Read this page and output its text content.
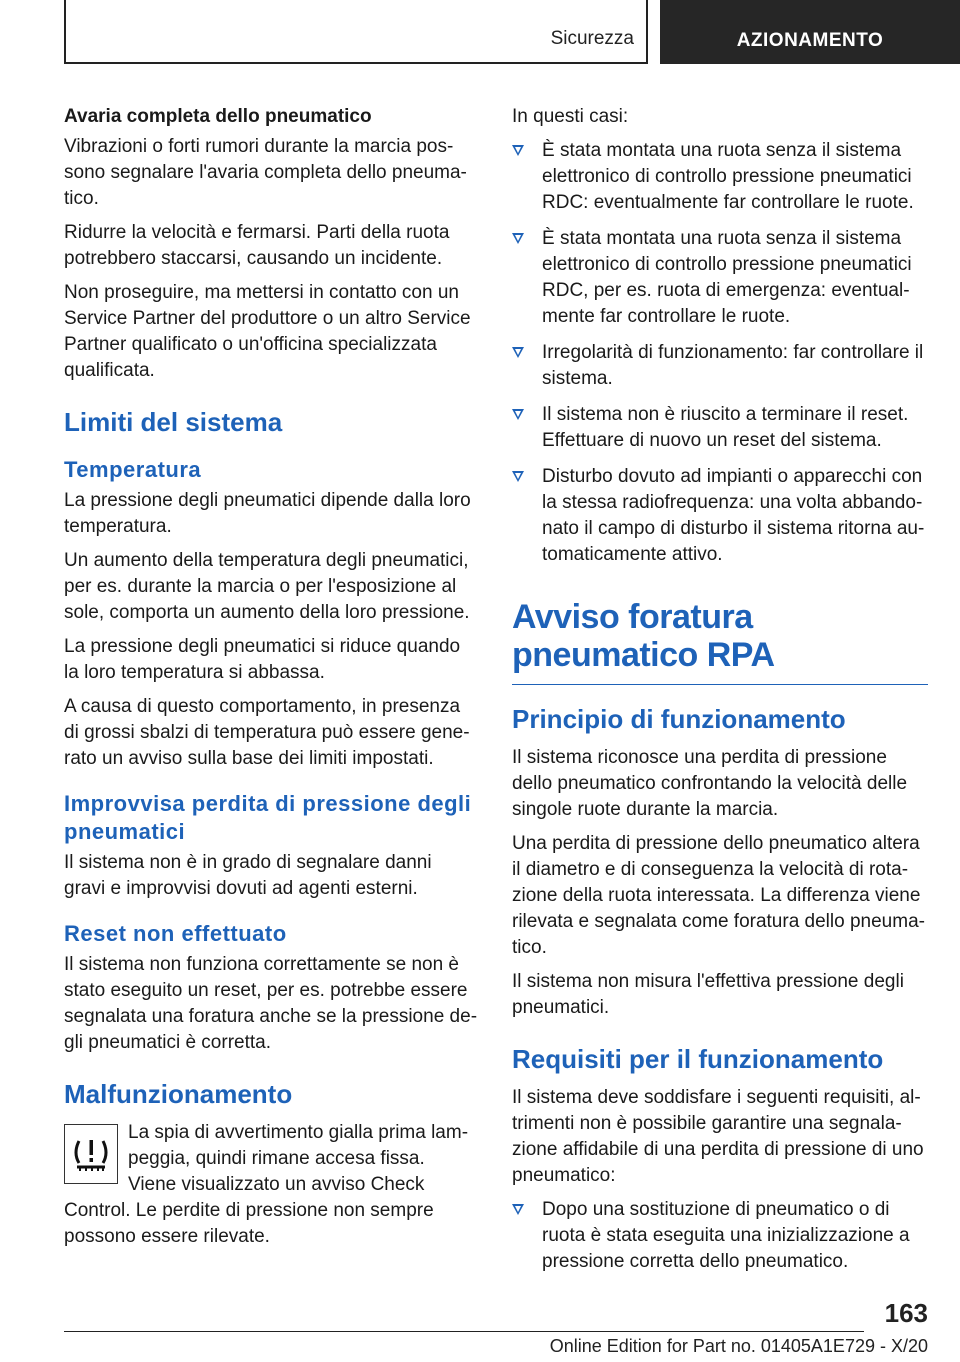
Sicurezza	AZIONAMENTO
Avaria completa dello pneumatico

Vibrazioni o forti rumori durante la marcia possono segnalare l'avaria completa dello pneumatico.

Ridurre la velocità e fermarsi. Parti della ruota potrebbero staccarsi, causando un incidente.

Non proseguire, ma mettersi in contatto con un Service Partner del produttore o un altro Service Partner qualificato o un'officina specializzata qualificata.

Limiti del sistema
Temperatura

La pressione degli pneumatici dipende dalla loro temperatura.

Un aumento della temperatura degli pneumatici, per es. durante la marcia o per l'esposizione al sole, comporta un aumento della loro pressione.

La pressione degli pneumatici si riduce quando la loro temperatura si abbassa.

A causa di questo comportamento, in presenza di grossi sbalzi di temperatura può essere generato un avviso sulla base dei limiti impostati.

Improvvisa perdita di pressione degli pneumatici

Il sistema non è in grado di segnalare danni gravi e improvvisi dovuti ad agenti esterni.

Reset non effettuato

Il sistema non funziona correttamente se non è stato eseguito un reset, per es. potrebbe essere segnalata una foratura anche se la pressione degli pneumatici è corretta.

Malfunzionamento

La spia di avvertimento gialla prima lampeggia, quindi rimane accesa fissa. Viene visualizzato un avviso Check Control. Le perdite di pressione non sempre possono essere rilevate.

In questi casi:

È stata montata una ruota senza il sistema elettronico di controllo pressione pneumatici RDC: eventualmente far controllare le ruote.
È stata montata una ruota senza il sistema elettronico di controllo pressione pneumatici RDC, per es. ruota di emergenza: eventualmente far controllare le ruote.
Irregolarità di funzionamento: far controllare il sistema.
Il sistema non è riuscito a terminare il reset. Effettuare di nuovo un reset del sistema.
Disturbo dovuto ad impianti o apparecchi con la stessa radiofrequenza: una volta abbandonato il campo di disturbo il sistema ritorna automaticamente attivo.
Avviso foratura pneumatico RPA
Principio di funzionamento

Il sistema riconosce una perdita di pressione dello pneumatico confrontando la velocità delle singole ruote durante la marcia.

Una perdita di pressione dello pneumatico altera il diametro e di conseguenza la velocità di rotazione della ruota interessata. La differenza viene rilevata e segnalata come foratura dello pneumatico.

Il sistema non misura l'effettiva pressione degli pneumatici.

Requisiti per il funzionamento

Il sistema deve soddisfare i seguenti requisiti, altrimenti non è possibile garantire una segnalazione affidabile di una perdita di pressione di uno pneumatico:

Dopo una sostituzione di pneumatico o di ruota è stata eseguita una inizializzazione a pressione corretta dello pneumatico.
163
Online Edition for Part no. 01405A1E729 - X/20
